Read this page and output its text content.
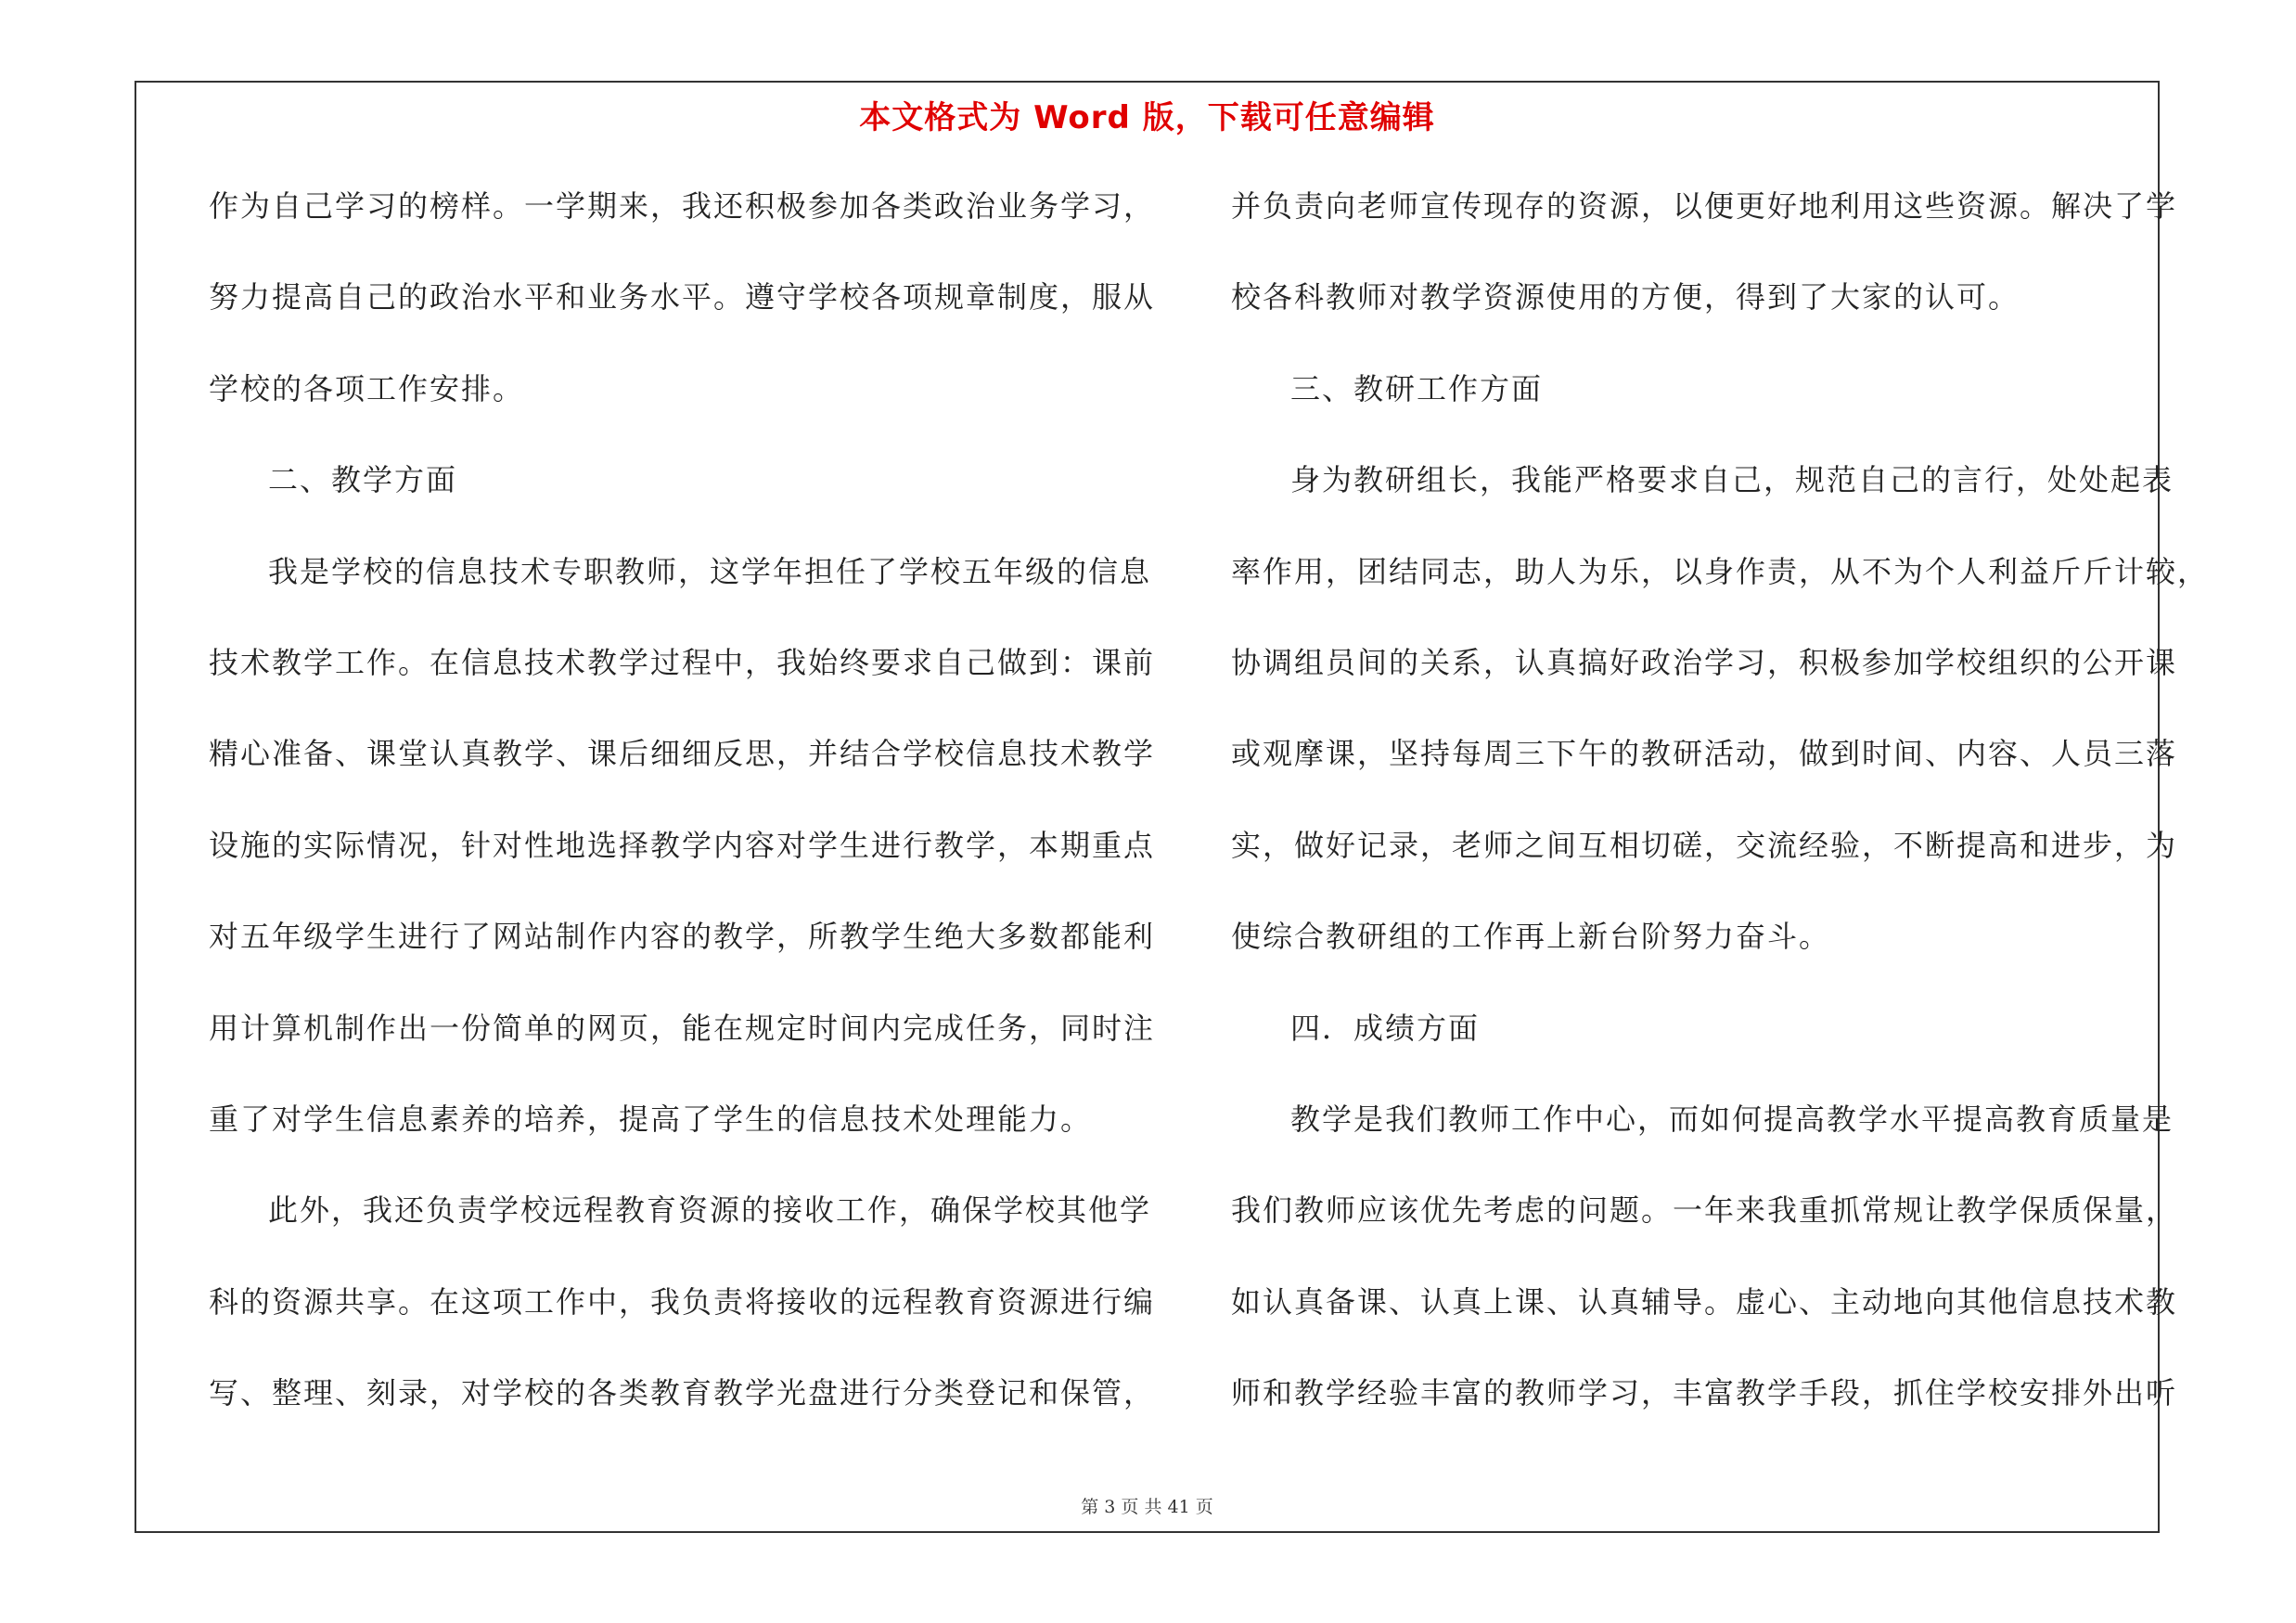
本文格式为 Word 版，下载可任意编辑
作为自己学习的榜样。一学期来，我还积极参加各类政治业务学习，
努力提高自己的政治水平和业务水平。遵守学校各项规章制度，服从
学校的各项工作安排。
二、教学方面
我是学校的信息技术专职教师，这学年担任了学校五年级的信息
技术教学工作。在信息技术教学过程中，我始终要求自己做到：课前
精心准备、课堂认真教学、课后细细反思，并结合学校信息技术教学
设施的实际情况，针对性地选择教学内容对学生进行教学，本期重点
对五年级学生进行了网站制作内容的教学，所教学生绝大多数都能利
用计算机制作出一份简单的网页，能在规定时间内完成任务，同时注
重了对学生信息素养的培养，提高了学生的信息技术处理能力。
此外，我还负责学校远程教育资源的接收工作，确保学校其他学
科的资源共享。在这项工作中，我负责将接收的远程教育资源进行编
写、整理、刻录，对学校的各类教育教学光盘进行分类登记和保管，
并负责向老师宣传现存的资源，以便更好地利用这些资源。解决了学
校各科教师对教学资源使用的方便，得到了大家的认可。
三、教研工作方面
身为教研组长，我能严格要求自己，规范自己的言行，处处起表
率作用，团结同志，助人为乐，以身作责，从不为个人利益斤斤计较，
协调组员间的关系，认真搞好政治学习，积极参加学校组织的公开课
或观摩课，坚持每周三下午的教研活动，做到时间、内容、人员三落
实，做好记录，老师之间互相切磋，交流经验，不断提高和进步，为
使综合教研组的工作再上新台阶努力奋斗。
四．成绩方面
教学是我们教师工作中心，而如何提高教学水平提高教育质量是
我们教师应该优先考虑的问题。一年来我重抓常规让教学保质保量，
如认真备课、认真上课、认真辅导。虚心、主动地向其他信息技术教
师和教学经验丰富的教师学习，丰富教学手段，抓住学校安排外出听
第 3 页 共 41 页
